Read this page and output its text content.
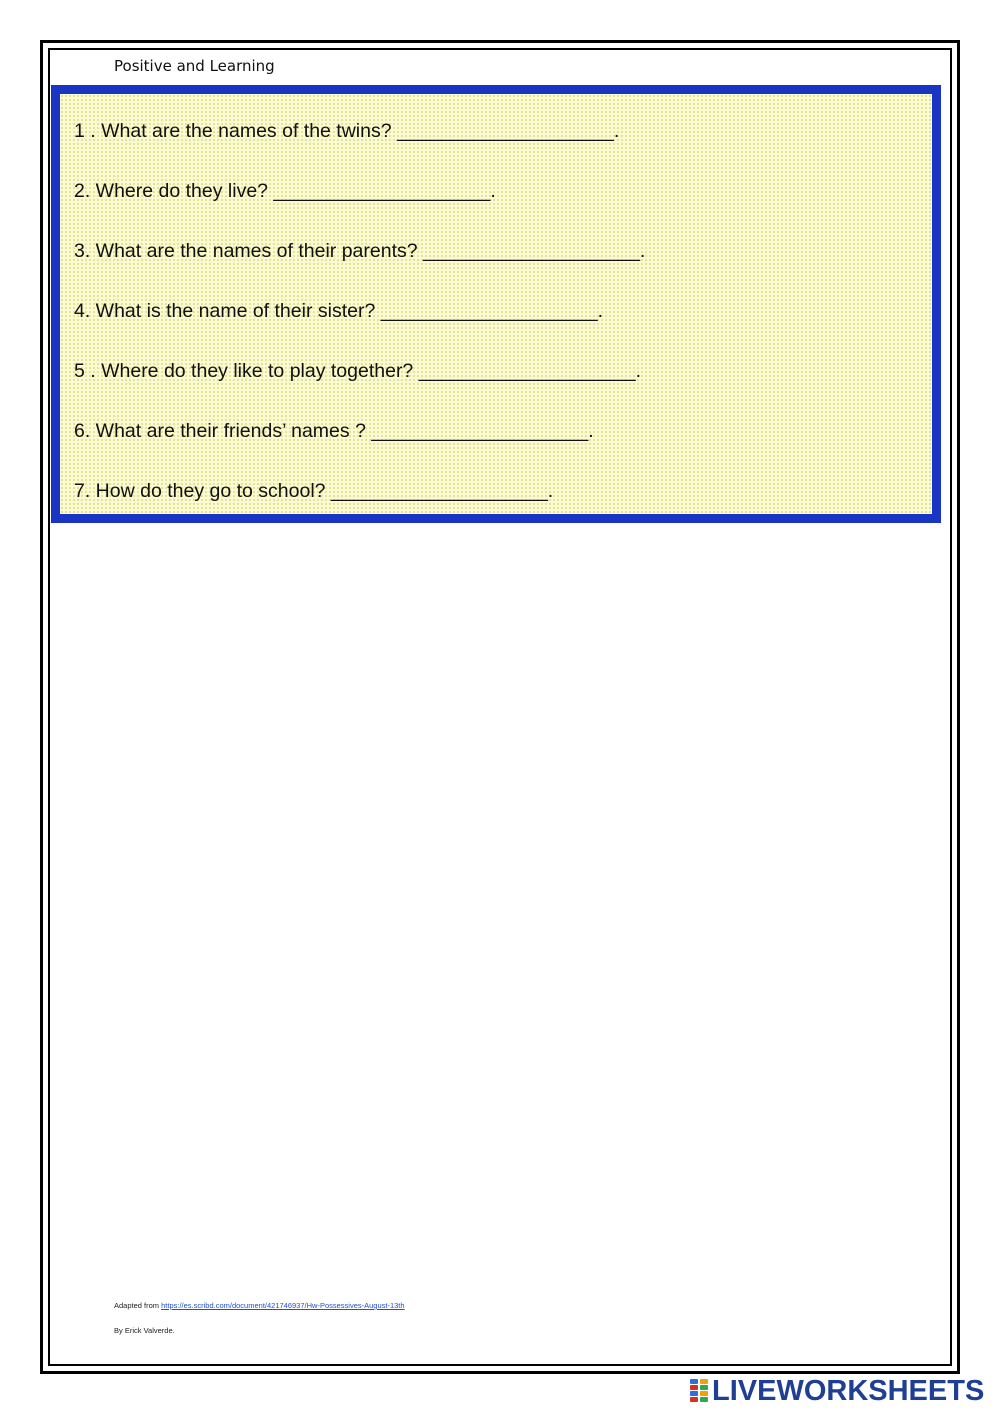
Positive and Learning
1 . What are the names of the twins? ____________________.
2. Where do they live? ____________________.
3. What are the names of their parents? ____________________.
4. What is the name of their sister? ____________________.
5 . Where do they like to play together? ____________________.
6. What are their friends’ names ? ____________________.
7. How do they go to school? ____________________.
Adapted from https://es.scribd.com/document/421746937/Hw-Possessives-August-13th
By Erick Valverde.
LIVEWORKSHEETS
